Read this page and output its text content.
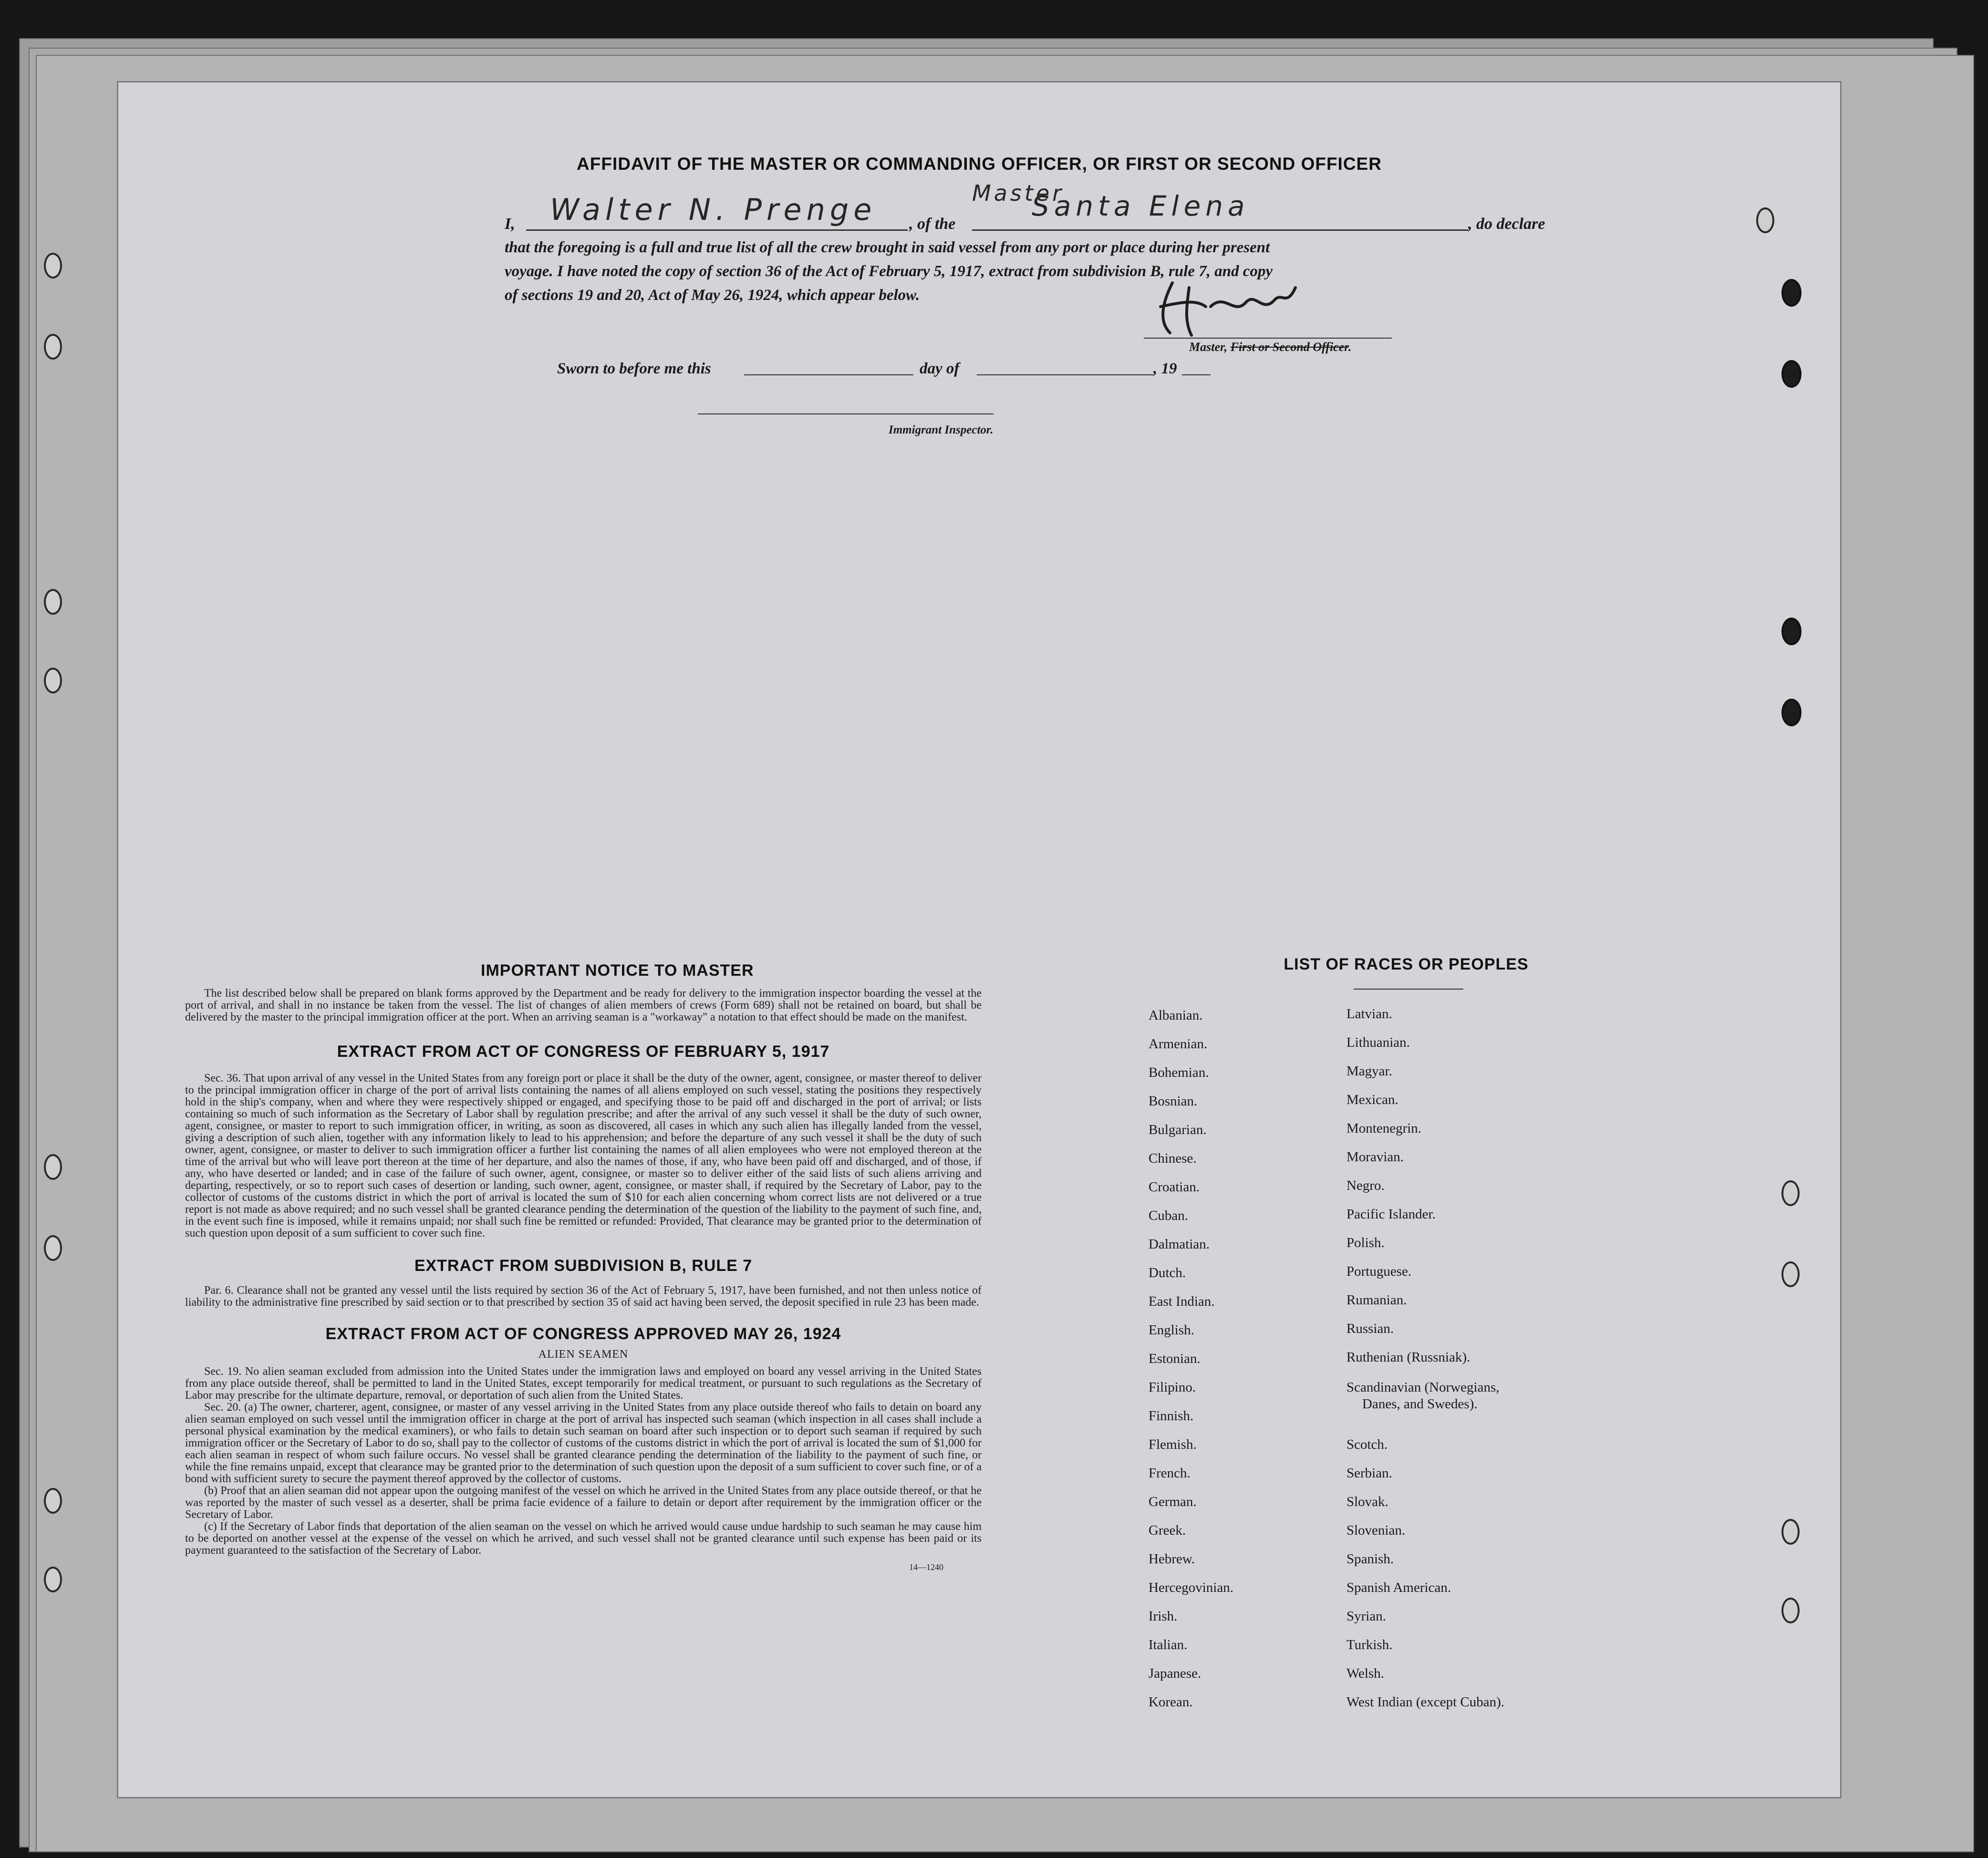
AFFIDAVIT OF THE MASTER OR COMMANDING OFFICER, OR FIRST OR SECOND OFFICER
I, Walter N. Prenge , of the
Master
Santa Elena
, do declare
that the foregoing is a full and true list of all the crew brought in said vessel from any port or place during her present
voyage. I have noted the copy of section 36 of the Act of February 5, 1917, extract from subdivision B, rule 7, and copy
of sections 19 and 20, Act of May 26, 1924, which appear below.
Master, First or Second Officer.
Sworn to before me this	day of	, 19
Immigrant Inspector.
IMPORTANT NOTICE TO MASTER
The list described below shall be prepared on blank forms approved by the Department and be ready for delivery to the immigration inspector boarding the vessel at the port of arrival, and shall in no instance be taken from the vessel. The list of changes of alien members of crews (Form 689) shall not be retained on board, but shall be delivered by the master to the principal immigration officer at the port. When an arriving seaman is a "workaway" a notation to that effect should be made on the manifest.
EXTRACT FROM ACT OF CONGRESS OF FEBRUARY 5, 1917
Sec. 36. That upon arrival of any vessel in the United States from any foreign port or place it shall be the duty of the owner, agent, consignee, or master thereof to deliver to the principal immigration officer in charge of the port of arrival lists containing the names of all aliens employed on such vessel, stating the positions they respectively hold in the ship's company, when and where they were respectively shipped or engaged, and specifying those to be paid off and discharged in the port of arrival; or lists containing so much of such information as the Secretary of Labor shall by regulation prescribe; and after the arrival of any such vessel it shall be the duty of such owner, agent, consignee, or master to report to such immigration officer, in writing, as soon as discovered, all cases in which any such alien has illegally landed from the vessel, giving a description of such alien, together with any information likely to lead to his apprehension; and before the departure of any such vessel it shall be the duty of such owner, agent, consignee, or master to deliver to such immigration officer a further list containing the names of all alien employees who were not employed thereon at the time of the arrival but who will leave port thereon at the time of her departure, and also the names of those, if any, who have been paid off and discharged, and of those, if any, who have deserted or landed; and in case of the failure of such owner, agent, consignee, or master so to deliver either of the said lists of such aliens arriving and departing, respectively, or so to report such cases of desertion or landing, such owner, agent, consignee, or master shall, if required by the Secretary of Labor, pay to the collector of customs of the customs district in which the port of arrival is located the sum of $10 for each alien concerning whom correct lists are not delivered or a true report is not made as above required; and no such vessel shall be granted clearance pending the determination of the question of the liability to the payment of such fine, and, in the event such fine is imposed, while it remains unpaid; nor shall such fine be remitted or refunded: Provided, That clearance may be granted prior to the determination of such question upon deposit of a sum sufficient to cover such fine.
EXTRACT FROM SUBDIVISION B, RULE 7
Par. 6. Clearance shall not be granted any vessel until the lists required by section 36 of the Act of February 5, 1917, have been furnished, and not then unless notice of liability to the administrative fine prescribed by said section or to that prescribed by section 35 of said act having been served, the deposit specified in rule 23 has been made.
EXTRACT FROM ACT OF CONGRESS APPROVED MAY 26, 1924
ALIEN SEAMEN
Sec. 19. No alien seaman excluded from admission into the United States under the immigration laws and employed on board any vessel arriving in the United States from any place outside thereof, shall be permitted to land in the United States, except temporarily for medical treatment, or pursuant to such regulations as the Secretary of Labor may prescribe for the ultimate departure, removal, or deportation of such alien from the United States.
Sec. 20. (a) The owner, charterer, agent, consignee, or master of any vessel arriving in the United States from any place outside thereof who fails to detain on board any alien seaman employed on such vessel until the immigration officer in charge at the port of arrival has inspected such seaman (which inspection in all cases shall include a personal physical examination by the medical examiners), or who fails to detain such seaman on board after such inspection or to deport such seaman if required by such immigration officer or the Secretary of Labor to do so, shall pay to the collector of customs of the customs district in which the port of arrival is located the sum of $1,000 for each alien seaman in respect of whom such failure occurs. No vessel shall be granted clearance pending the determination of the liability to the payment of such fine, or while the fine remains unpaid, except that clearance may be granted prior to the determination of such question upon the deposit of a sum sufficient to cover such fine, or of a bond with sufficient surety to secure the payment thereof approved by the collector of customs.
(b) Proof that an alien seaman did not appear upon the outgoing manifest of the vessel on which he arrived in the United States from any place outside thereof, or that he was reported by the master of such vessel as a deserter, shall be prima facie evidence of a failure to detain or deport after requirement by the immigration officer or the Secretary of Labor.
(c) If the Secretary of Labor finds that deportation of the alien seaman on the vessel on which he arrived would cause undue hardship to such seaman he may cause him to be deported on another vessel at the expense of the vessel on which he arrived, and such vessel shall not be granted clearance until such expense has been paid or its payment guaranteed to the satisfaction of the Secretary of Labor.
14—1240
LIST OF RACES OR PEOPLES
Albanian.
Armenian.
Bohemian.
Bosnian.
Bulgarian.
Chinese.
Croatian.
Cuban.
Dalmatian.
Dutch.
East Indian.
English.
Estonian.
Filipino.
Finnish.
Flemish.
French.
German.
Greek.
Hebrew.
Hercegovinian.
Irish.
Italian.
Japanese.
Korean.
Latvian.
Lithuanian.
Magyar.
Mexican.
Montenegrin.
Moravian.
Negro.
Pacific Islander.
Polish.
Portuguese.
Rumanian.
Russian.
Ruthenian (Russniak).
Scandinavian (Norwegians,
Danes, and Swedes).
Scotch.
Serbian.
Slovak.
Slovenian.
Spanish.
Spanish American.
Syrian.
Turkish.
Welsh.
West Indian (except Cuban).
